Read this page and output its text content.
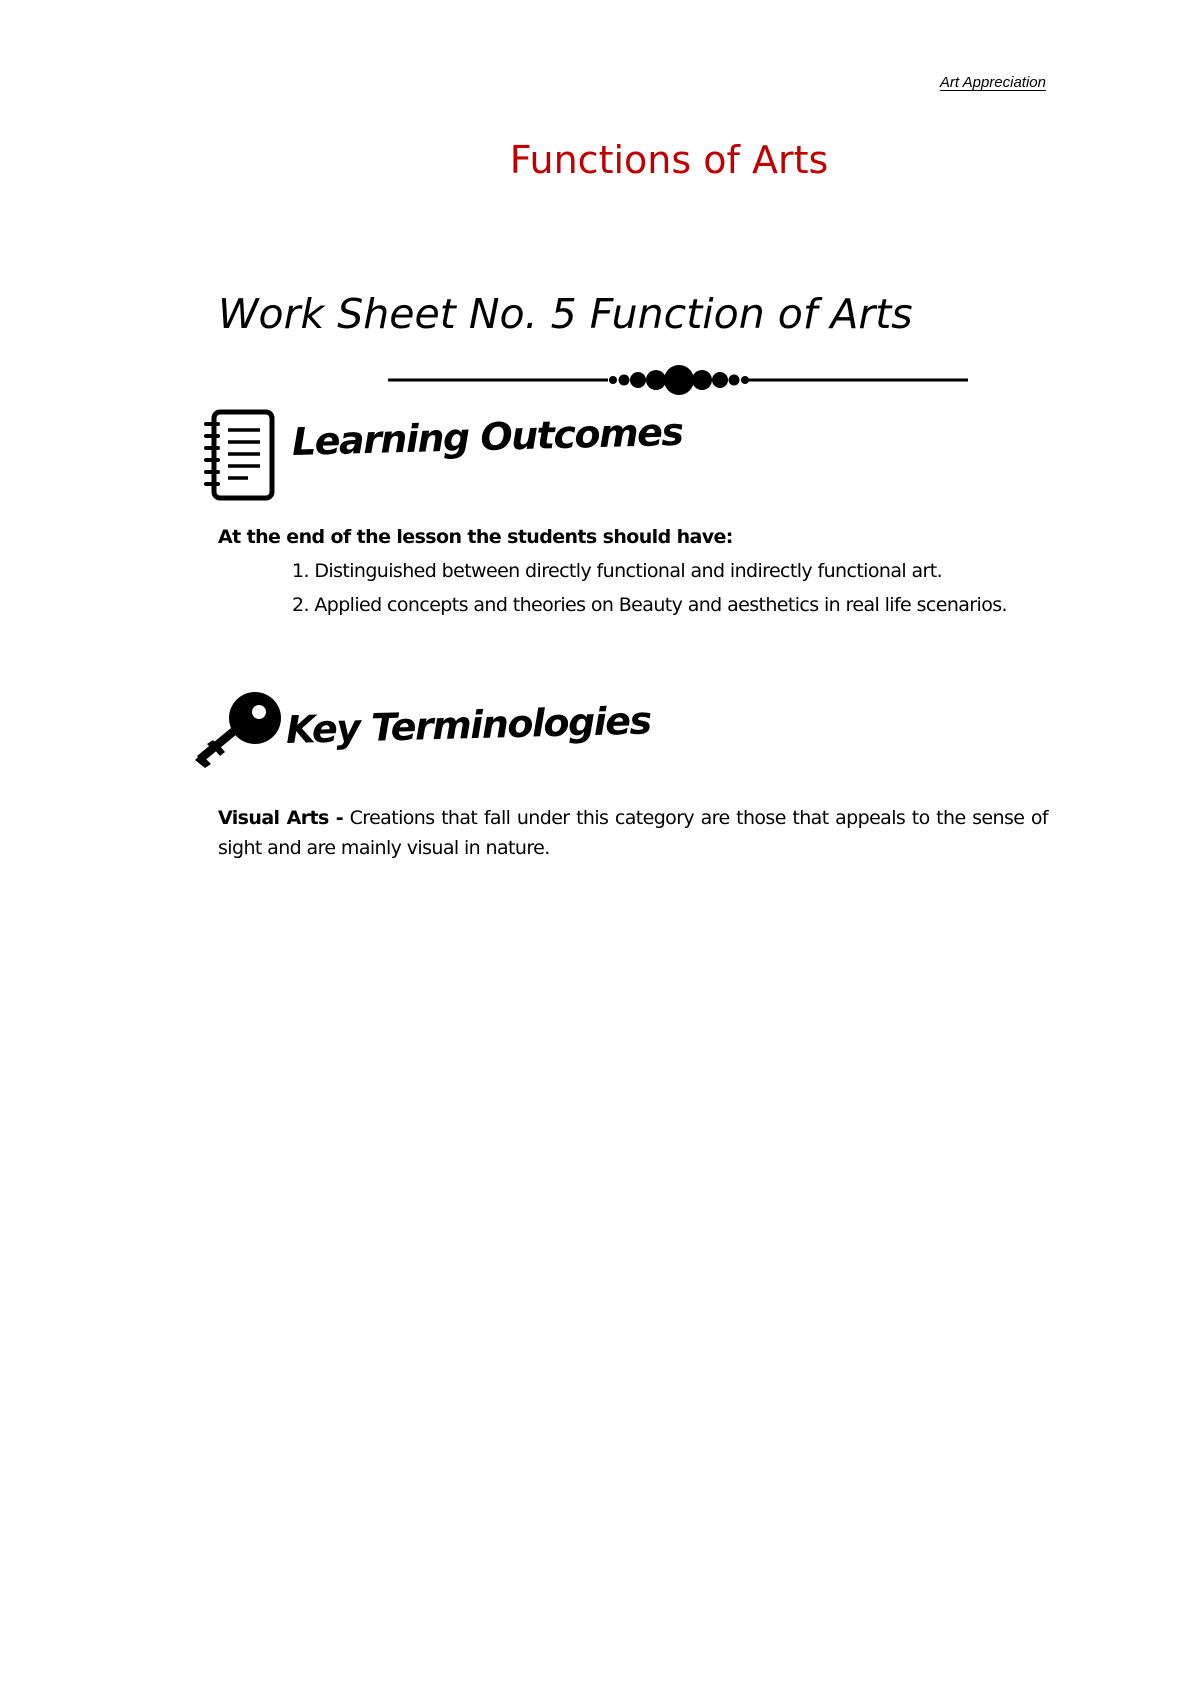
Art Appreciation
Functions of Arts
Work Sheet No. 5 Function of Arts
Learning Outcomes
At the end of the lesson the students should have:
1. Distinguished between directly functional and indirectly functional art.
2. Applied concepts and theories on Beauty and aesthetics in real life scenarios.
Key Terminologies
Visual Arts - Creations that fall under this category are those that appeals to the sense of sight and are mainly visual in nature.
